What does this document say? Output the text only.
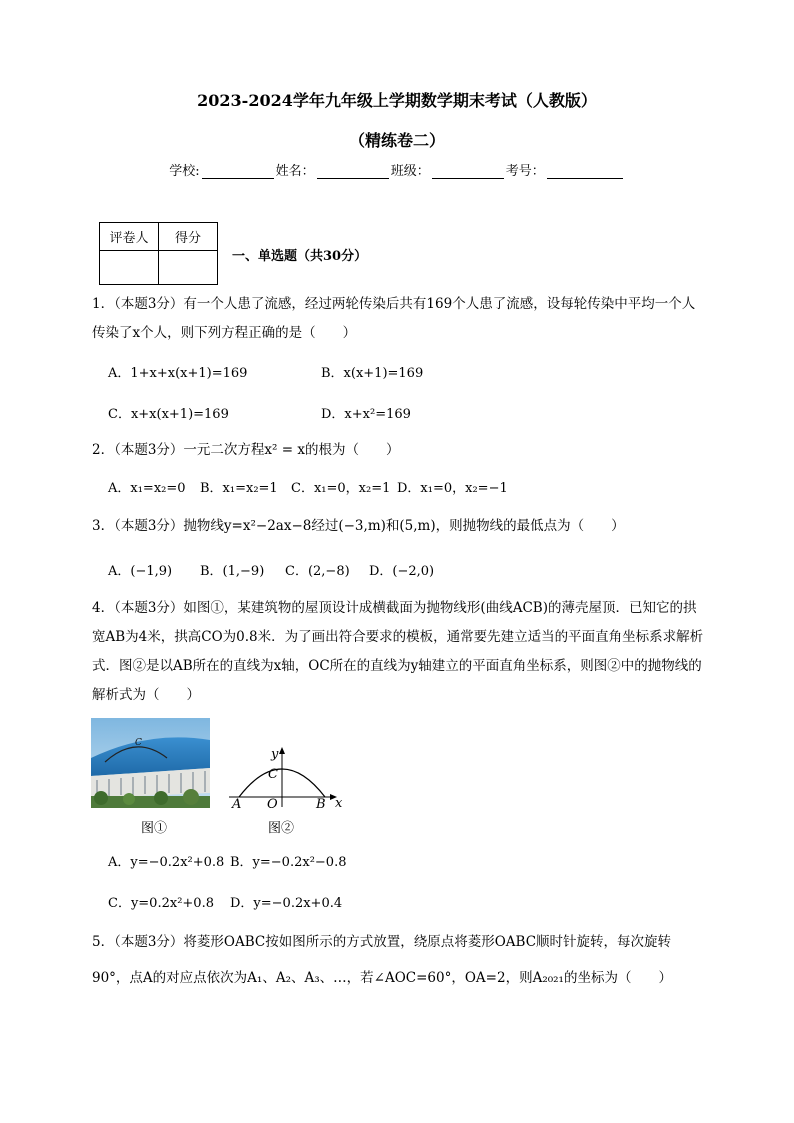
2023-2024学年九年级上学期数学期末考试（人教版）
（精练卷二）
学校:	姓名：	班级：	考号：
评卷人	得分

一、单选题（共30分）
1．（本题3分）有一个人患了流感，经过两轮传染后共有169个人患了流感，设每轮传染中平均一个人传染了x个人，则下列方程正确的是（　　）
A．1+x+x(x+1)=169	B．x(x+1)=169
C．x+x(x+1)=169	D．x+x²=169
2．（本题3分）一元二次方程x² = x的根为（　　）
A．x₁=x₂=0 B．x₁=x₂=1 C．x₁=0，x₂=1 D．x₁=0，x₂=−1
3．（本题3分）抛物线y=x²−2ax−8经过(−3,m)和(5,m)，则抛物线的最低点为（　　）
A．(−1,9) B．(1,−9) C．(2,−8) D．(−2,0)
4．（本题3分）如图①，某建筑物的屋顶设计成横截面为抛物线形(曲线ACB)的薄壳屋顶．已知它的拱宽AB为4米，拱高CO为0.8米．为了画出符合要求的模板，通常要先建立适当的平面直角坐标系求解析式．图②是以AB所在的直线为x轴，OC所在的直线为y轴建立的平面直角坐标系，则图②中的抛物线的解析式为（　　）
C
图①
y
x
C
A O	B
图②
A．y=−0.2x²+0.8 B．y=−0.2x²−0.8
C．y=0.2x²+0.8 D．y=−0.2x+0.4
5．（本题3分）将菱形OABC按如图所示的方式放置，绕原点将菱形OABC顺时针旋转，每次旋转90°，点A的对应点依次为A₁、A₂、A₃、…，若∠AOC=60°，OA=2，则A₂₀₂₁的坐标为（　　）
